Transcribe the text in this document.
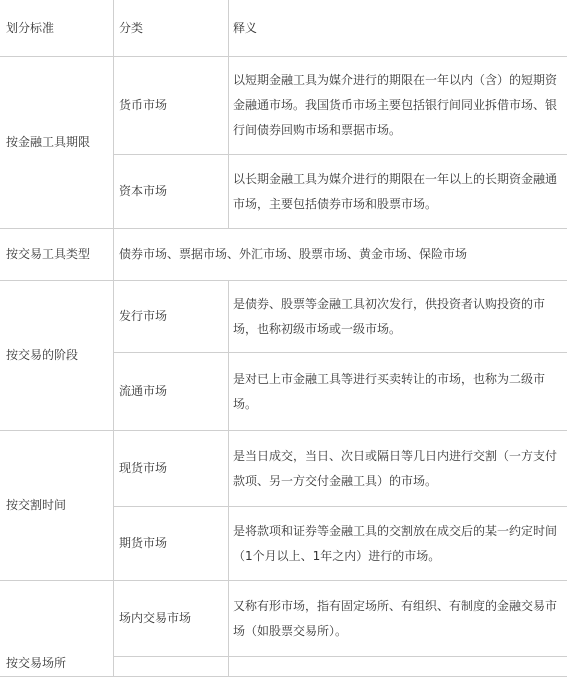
划分标准	分类	释义
按金融工具期限	货币市场	以短期金融工具为媒介进行的期限在一年以内（含）的短期资金融通市场。我国货币市场主要包括银行间同业拆借市场、银行间债券回购市场和票据市场。

	资本市场	以长期金融工具为媒介进行的期限在一年以上的长期资金融通市场，主要包括债券市场和股票市场。

按交易工具类型	债券市场、票据市场、外汇市场、股票市场、黄金市场、保险市场	
按交易的阶段	发行市场	是债券、股票等金融工具初次发行，供投资者认购投资的市场，也称初级市场或一级市场。

	流通市场	是对已上市金融工具等进行买卖转让的市场，也称为二级市场。

按交割时间	现货市场	是当日成交，当日、次日或隔日等几日内进行交割（一方支付款项、另一方交付金融工具）的市场。

	期货市场	是将款项和证券等金融工具的交割放在成交后的某一约定时间（1个月以上、1年之内）进行的市场。

按交易场所	场内交易市场	又称有形市场，指有固定场所、有组织、有制度的金融交易市场（如股票交易所）。
